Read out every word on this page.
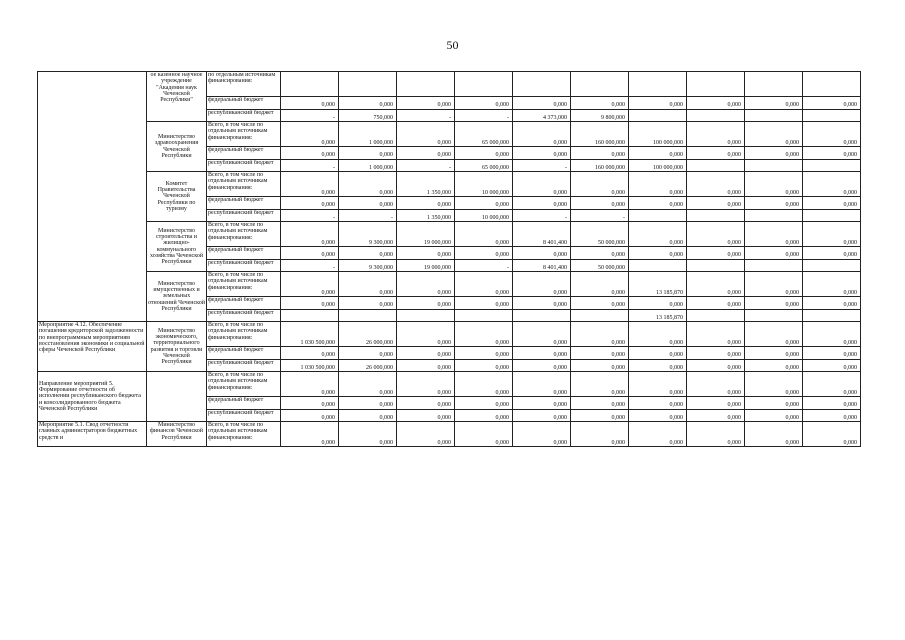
50
	ое казенное научное учреждение "Академия наук Чеченской Республики"	по отдельным источникам финансирования:										
		федеральный бюджет	0,000	0,000	0,000	0,000	0,000	0,000	0,000	0,000	0,000	0,000
		республиканский бюджет	-	750,000	-	-	4 373,000	9 800,000				
	Министерство здравоохранения Чеченской Республики	Всего, в том числе по отдельным источникам финансирования:	0,000	1 000,000	0,000	65 000,000	0,000	160 000,000	100 000,000	0,000	0,000	0,000
		федеральный бюджет	0,000	0,000	0,000	0,000	0,000	0,000	0,000	0,000	0,000	0,000
		республиканский бюджет	-	1 000,000	-	65 000,000	-	160 000,000	100 000,000			
	Комитет Правительства Чеченской Республики по туризму	Всего, в том числе по отдельным источникам финансирования:	0,000	0,000	1 350,000	10 000,000	0,000	0,000	0,000	0,000	0,000	0,000
		федеральный бюджет	0,000	0,000	0,000	0,000	0,000	0,000	0,000	0,000	0,000	0,000
		республиканский бюджет	-	-	1 350,000	10 000,000	-	-				
	Министерство строительства и жилищно-коммунального хозяйства Чеченской Республики	Всего, в том числе по отдельным источникам финансирования:	0,000	9 300,000	19 000,000	0,000	8 401,400	50 000,000	0,000	0,000	0,000	0,000
		федеральный бюджет	0,000	0,000	0,000	0,000	0,000	0,000	0,000	0,000	0,000	0,000
		республиканский бюджет	-	9 300,000	19 000,000	-	8 401,400	50 000,000				
	Министерство имущественных и земельных отношений Чеченской Республики	Всего, в том числе по отдельным источникам финансирования:	0,000	0,000	0,000	0,000	0,000	0,000	13 185,870	0,000	0,000	0,000
		федеральный бюджет	0,000	0,000	0,000	0,000	0,000	0,000	0,000	0,000	0,000	0,000
		республиканский бюджет							13 185,870			
Мероприятие 4.12. Обеспечение погашения кредиторской задолженности по внепрограммным мероприятиям восстановления экономики и социальной сферы Чеченской Республики	Министерство экономического, территориального развития и торговли Чеченской Республики	Всего, в том числе по отдельным источникам финансирования:	1 030 500,000	26 000,000	0,000	0,000	0,000	0,000	0,000	0,000	0,000	0,000
		федеральный бюджет	0,000	0,000	0,000	0,000	0,000	0,000	0,000	0,000	0,000	0,000
		республиканский бюджет	1 030 500,000	26 000,000	0,000	0,000	0,000	0,000	0,000	0,000	0,000	0,000
Направление мероприятий 5. Формирование отчетности об исполнении республиканского бюджета и консолидированного бюджета Чеченской Республики		Всего, в том числе по отдельным источникам финансирования:	0,000	0,000	0,000	0,000	0,000	0,000	0,000	0,000	0,000	0,000
		федеральный бюджет	0,000	0,000	0,000	0,000	0,000	0,000	0,000	0,000	0,000	0,000
		республиканский бюджет	0,000	0,000	0,000	0,000	0,000	0,000	0,000	0,000	0,000	0,000
Мероприятие 5.1. Свод отчетности главных администраторов бюджетных средств и	Министерство финансов Чеченской Республики	Всего, в том числе по отдельным источникам финансирования:	0,000	0,000	0,000	0,000	0,000	0,000	0,000	0,000	0,000	0,000
